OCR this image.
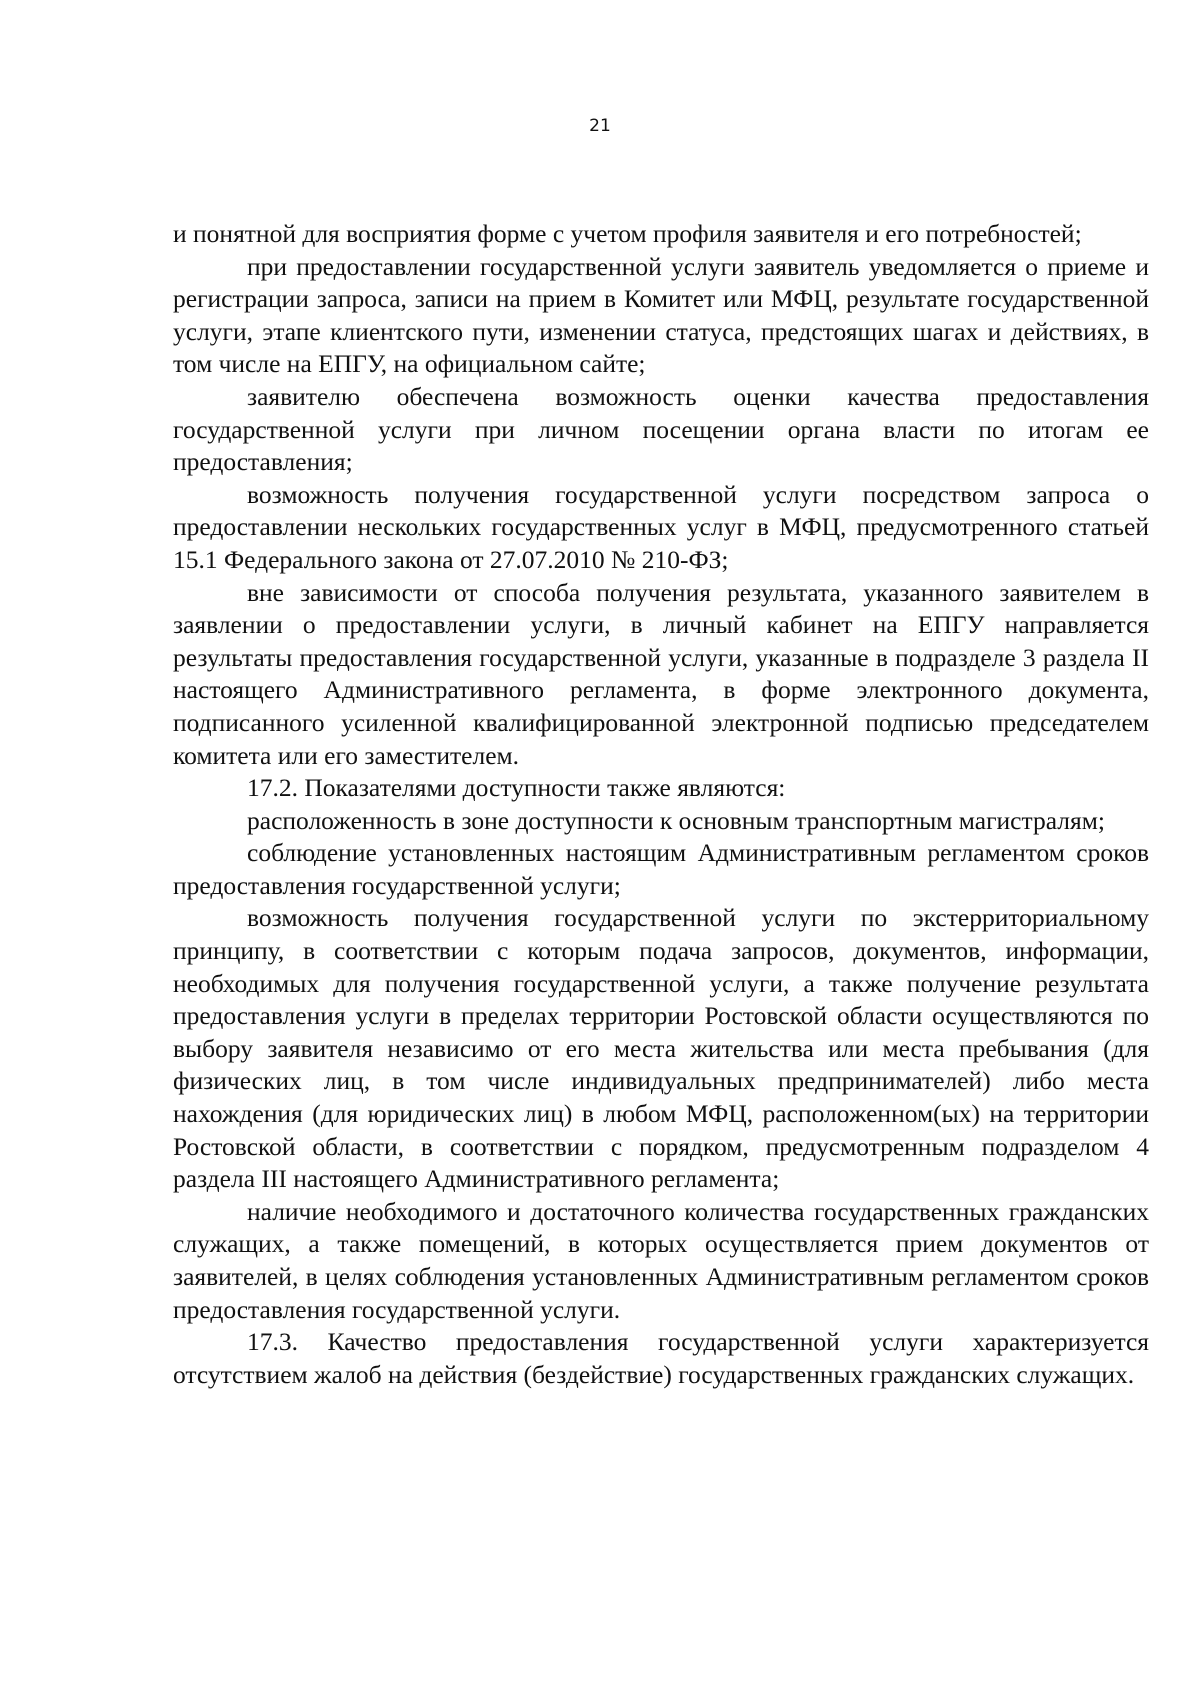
21

и понятной для восприятия форме с учетом профиля заявителя и его потребностей;

при предоставлении государственной услуги заявитель уведомляется о приеме и регистрации запроса, записи на прием в Комитет или МФЦ, результате государственной услуги, этапе клиентского пути, изменении статуса, предстоящих шагах и действиях, в том числе на ЕПГУ, на официальном сайте;

заявителю обеспечена возможность оценки качества предоставления государственной услуги при личном посещении органа власти по итогам ее предоставления;

возможность получения государственной услуги посредством запроса о предоставлении нескольких государственных услуг в МФЦ, предусмотренного статьей 15.1 Федерального закона от 27.07.2010 № 210-ФЗ;

вне зависимости от способа получения результата, указанного заявителем в заявлении о предоставлении услуги, в личный кабинет на ЕПГУ направляется результаты предоставления государственной услуги, указанные в подразделе 3 раздела II настоящего Административного регламента, в форме электронного документа, подписанного усиленной квалифицированной электронной подписью председателем комитета или его заместителем.

17.2. Показателями доступности также являются:

расположенность в зоне доступности к основным транспортным магистралям;

соблюдение установленных настоящим Административным регламентом сроков предоставления государственной услуги;

возможность получения государственной услуги по экстерриториальному принципу, в соответствии с которым подача запросов, документов, информации, необходимых для получения государственной услуги, а также получение результата предоставления услуги в пределах территории Ростовской области осуществляются по выбору заявителя независимо от его места жительства или места пребывания (для физических лиц, в том числе индивидуальных предпринимателей) либо места нахождения (для юридических лиц) в любом МФЦ, расположенном(ых) на территории Ростовской области, в соответствии с порядком, предусмотренным подразделом 4 раздела III настоящего Административного регламента;

наличие необходимого и достаточного количества государственных гражданских служащих, а также помещений, в которых осуществляется прием документов от заявителей, в целях соблюдения установленных Административным регламентом сроков предоставления государственной услуги.

17.3. Качество предоставления государственной услуги характеризуется отсутствием жалоб на действия (бездействие) государственных гражданских служащих.
